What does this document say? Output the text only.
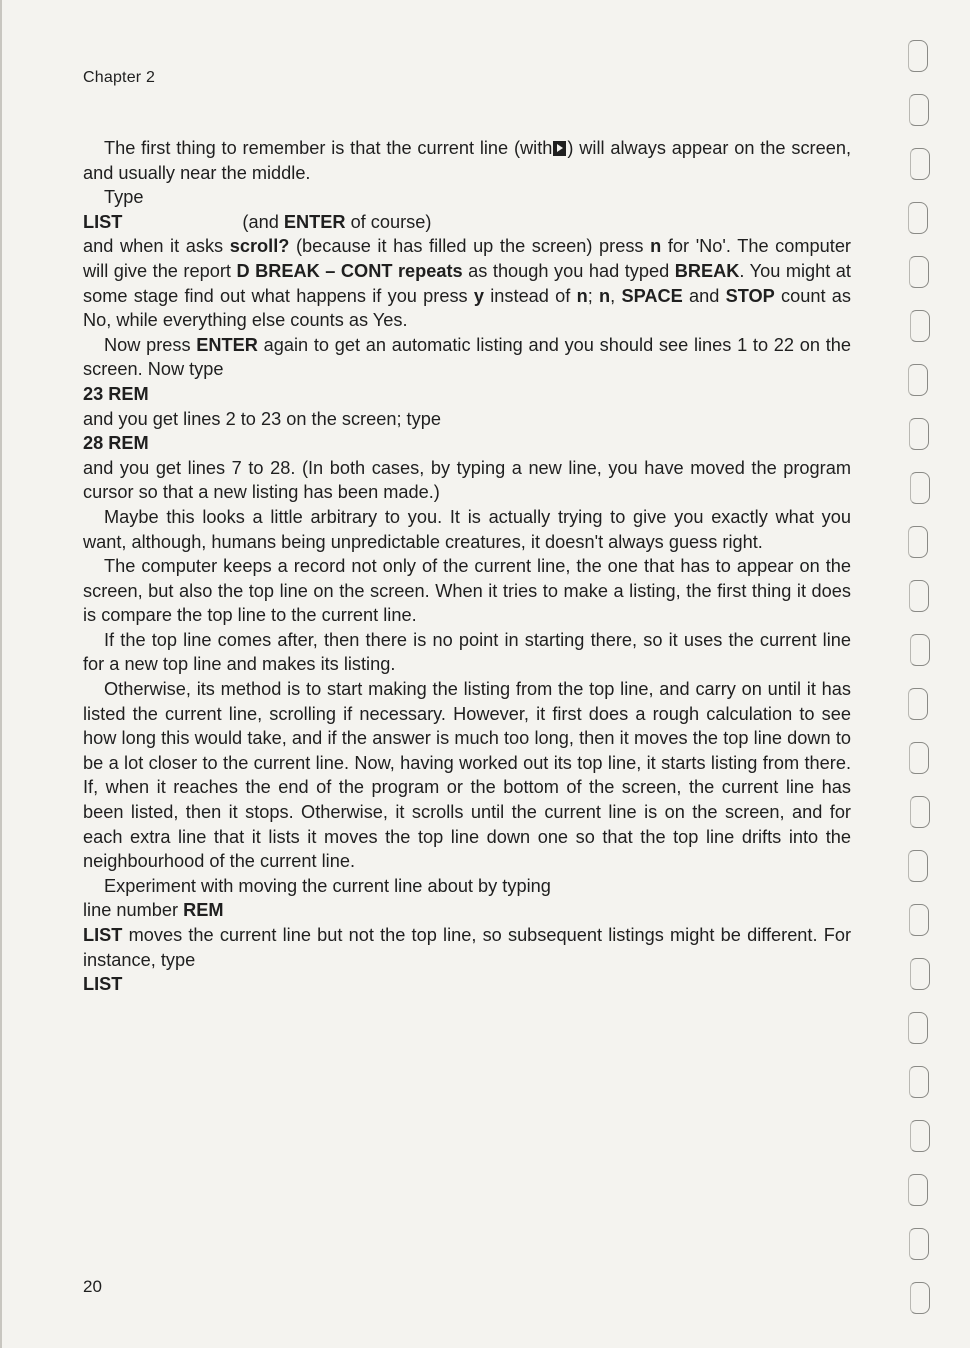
Chapter 2

The first thing to remember is that the current line (with ) will always appear on the screen, and usually near the middle.

Type

LIST	(and ENTER of course)

and when it asks scroll? (because it has filled up the screen) press n for 'No'. The computer will give the report D BREAK – CONT repeats as though you had typed BREAK. You might at some stage find out what happens if you press y instead of n; n, SPACE and STOP count as No, while everything else counts as Yes.

Now press ENTER again to get an automatic listing and you should see lines 1 to 22 on the screen. Now type

23 REM

and you get lines 2 to 23 on the screen; type

28 REM

and you get lines 7 to 28. (In both cases, by typing a new line, you have moved the program cursor so that a new listing has been made.)

Maybe this looks a little arbitrary to you. It is actually trying to give you exactly what you want, although, humans being unpredictable creatures, it doesn't always guess right.

The computer keeps a record not only of the current line, the one that has to appear on the screen, but also the top line on the screen. When it tries to make a listing, the first thing it does is compare the top line to the current line.

If the top line comes after, then there is no point in starting there, so it uses the current line for a new top line and makes its listing.

Otherwise, its method is to start making the listing from the top line, and carry on until it has listed the current line, scrolling if necessary. However, it first does a rough calculation to see how long this would take, and if the answer is much too long, then it moves the top line down to be a lot closer to the current line. Now, having worked out its top line, it starts listing from there. If, when it reaches the end of the program or the bottom of the screen, the current line has been listed, then it stops. Otherwise, it scrolls until the current line is on the screen, and for each extra line that it lists it moves the top line down one so that the top line drifts into the neighbourhood of the current line.

Experiment with moving the current line about by typing

line number REM

LIST moves the current line but not the top line, so subsequent listings might be different. For instance, type

LIST

20
